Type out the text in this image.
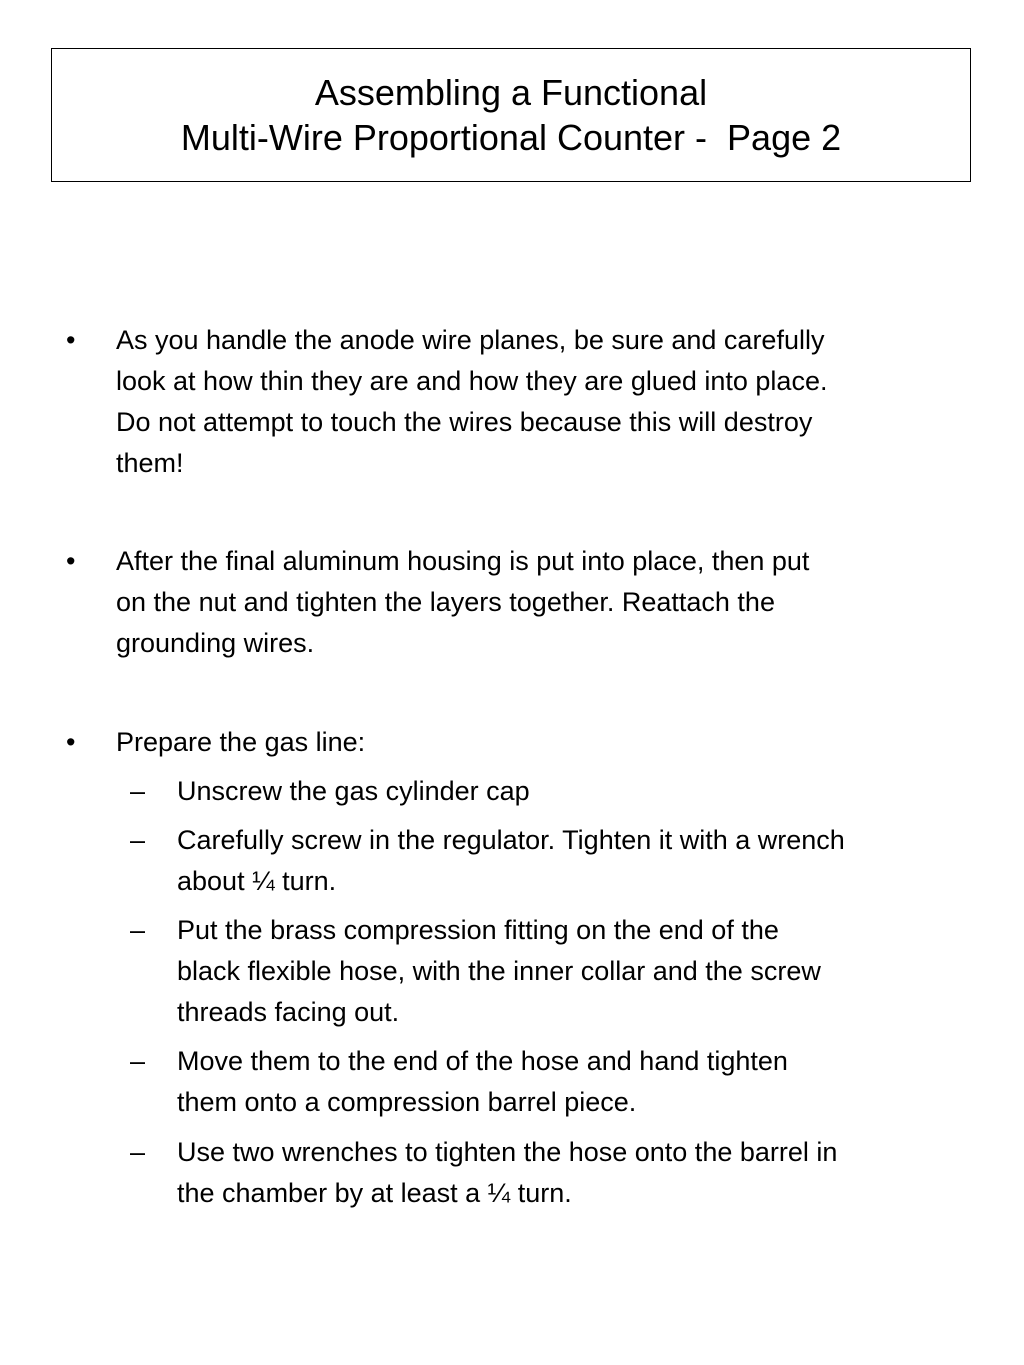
Assembling a Functional
Multi-Wire Proportional Counter -  Page 2
• As you handle the anode wire planes, be sure and carefully
look at how thin they are and how they are glued into place.
Do not attempt to touch the wires because this will destroy
them!
• After the final aluminum housing is put into place, then put
on the nut and tighten the layers together. Reattach the
grounding wires.
• Prepare the gas line:
– Unscrew the gas cylinder cap
– Carefully screw in the regulator. Tighten it with a wrench
about ¼ turn.
– Put the brass compression fitting on the end of the
black flexible hose, with the inner collar and the screw
threads facing out.
– Move them to the end of the hose and hand tighten
them onto a compression barrel piece.
– Use two wrenches to tighten the hose onto the barrel in
the chamber by at least a ¼ turn.
